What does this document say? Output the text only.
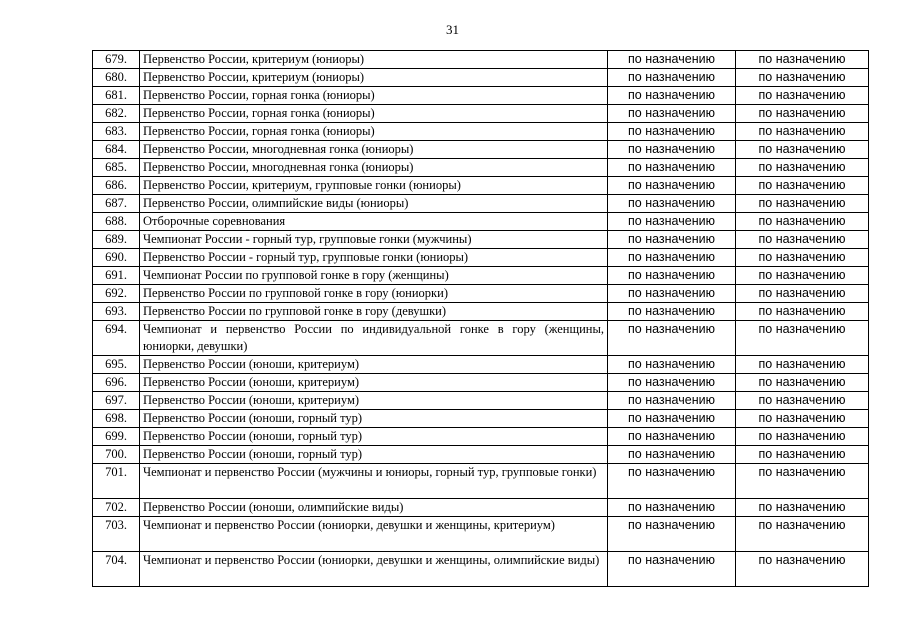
31
679.	Первенство России, критериум (юниоры)	по назначению	по назначению
680.	Первенство России, критериум (юниоры)	по назначению	по назначению
681.	Первенство России, горная гонка (юниоры)	по назначению	по назначению
682.	Первенство России, горная гонка (юниоры)	по назначению	по назначению
683.	Первенство России, горная гонка (юниоры)	по назначению	по назначению
684.	Первенство России, многодневная гонка (юниоры)	по назначению	по назначению
685.	Первенство России, многодневная гонка (юниоры)	по назначению	по назначению
686.	Первенство России, критериум, групповые гонки (юниоры)	по назначению	по назначению
687.	Первенство России, олимпийские виды (юниоры)	по назначению	по назначению
688.	Отборочные соревнования	по назначению	по назначению
689.	Чемпионат России - горный тур, групповые гонки (мужчины)	по назначению	по назначению
690.	Первенство России - горный тур, групповые гонки (юниоры)	по назначению	по назначению
691.	Чемпионат России по групповой гонке в гору (женщины)	по назначению	по назначению
692.	Первенство России по групповой гонке в гору (юниорки)	по назначению	по назначению
693.	Первенство России по групповой гонке в гору (девушки)	по назначению	по назначению
694.	Чемпионат и первенство России по индивидуальной гонке в гору (женщины, юниорки, девушки)	по назначению	по назначению
695.	Первенство России (юноши, критериум)	по назначению	по назначению
696.	Первенство России (юноши, критериум)	по назначению	по назначению
697.	Первенство России (юноши, критериум)	по назначению	по назначению
698.	Первенство России (юноши, горный тур)	по назначению	по назначению
699.	Первенство России (юноши, горный тур)	по назначению	по назначению
700.	Первенство России (юноши, горный тур)	по назначению	по назначению
701.	Чемпионат и первенство России (мужчины и юниоры, горный тур, групповые гонки)	по назначению	по назначению
702.	Первенство России (юноши, олимпийские виды)	по назначению	по назначению
703.	Чемпионат и первенство России (юниорки, девушки и женщины, критериум)	по назначению	по назначению
704.	Чемпионат и первенство России (юниорки, девушки и женщины, олимпийские виды)	по назначению	по назначению
